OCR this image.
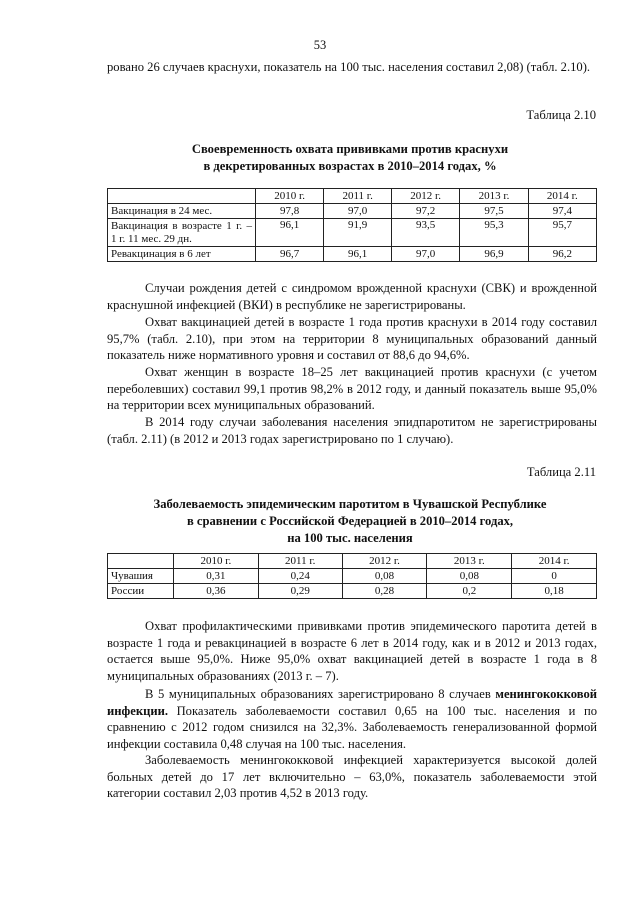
53

ровано 26 случаев краснухи, показатель на 100 тыс. населения составил 2,08) (табл. 2.10).

Таблица 2.10

Своевременность охвата прививками против краснухи

в декретированных возрастах в 2010–2014 годах, %

	2010 г.	2011 г.	2012 г.	2013 г.	2014 г.
Вакцинация в 24 мес.	97,8	97,0	97,2	97,5	97,4
Вакцинация в возрасте 1 г. – 1 г. 11 мес. 29 дн.	96,1	91,9	93,5	95,3	95,7
Ревакцинация в 6 лет	96,7	96,1	97,0	96,9	96,2

Случаи рождения детей с синдромом врожденной краснухи (СВК) и врожденной краснушной инфекцией (ВКИ) в республике не зарегистрированы.

Охват вакцинацией детей в возрасте 1 года против краснухи в 2014 году составил 95,7% (табл. 2.10), при этом на территории 8 муниципальных образований данный показатель ниже нормативного уровня и составил от 88,6 до 94,6%.

Охват женщин в возрасте 18–25 лет вакцинацией против краснухи (с учетом переболевших) составил 99,1 против 98,2% в 2012 году, и данный показатель выше 95,0% на территории всех муниципальных образований.

В 2014 году случаи заболевания населения эпидпаротитом не зарегистрированы (табл. 2.11) (в 2012 и 2013 годах зарегистрировано по 1 случаю).

Таблица 2.11

Заболеваемость эпидемическим паротитом в Чувашской Республике

в сравнении с Российской Федерацией в 2010–2014 годах,

на 100 тыс. населения

	2010 г.	2011 г.	2012 г.	2013 г.	2014 г.
Чувашия	0,31	0,24	0,08	0,08	0
России	0,36	0,29	0,28	0,2	0,18

Охват профилактическими прививками против эпидемического паротита детей в возрасте 1 года и ревакцинацией в возрасте 6 лет в 2014 году, как и в 2012 и 2013 годах, остается выше 95,0%. Ниже 95,0% охват вакцинацией детей в возрасте 1 года в 8 муниципальных образованиях (2013 г. – 7).

В 5 муниципальных образованиях зарегистрировано 8 случаев менингококковой инфекции. Показатель заболеваемости составил 0,65 на 100 тыс. населения и по сравнению с 2012 годом снизился на 32,3%. Заболеваемость генерализованной формой инфекции составила 0,48 случая на 100 тыс. населения.

Заболеваемость менингококковой инфекцией характеризуется высокой долей больных детей до 17 лет включительно – 63,0%, показатель заболеваемости этой категории составил 2,03 против 4,52 в 2013 году.
